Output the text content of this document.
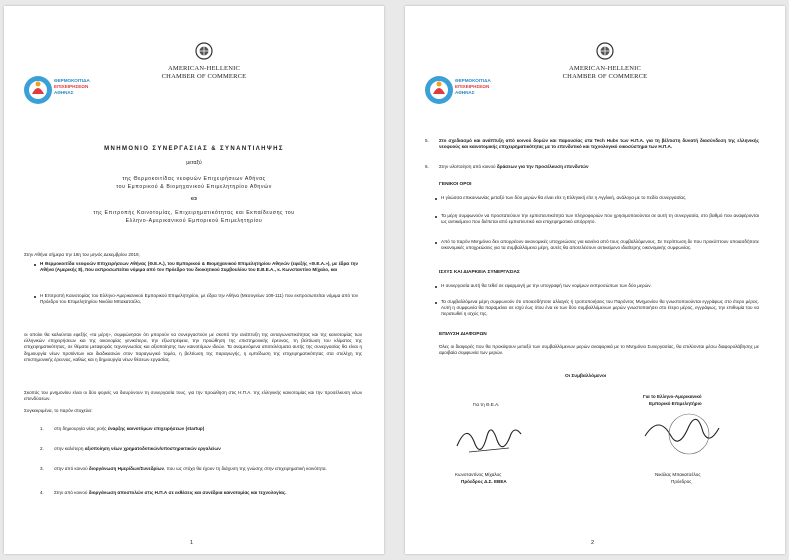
ΘΕΡΜΟΚΟΙΤΙΔΑ
ΕΠΙΧΕΙΡΗΣΕΩΝ
ΑΘΗΝΑΣ
AMERICAN-HELLENIC
CHAMBER OF COMMERCE
ΜΝΗΜΟΝΙΟ ΣΥΝΕΡΓΑΣΙΑΣ & ΣΥΝΑΝΤΙΛΗΨΗΣ
μεταξύ
της Θερμοκοιτίδας νεοφυών Επιχειρήσεων Αθήνας
του Εμπορικού & Βιομηχανικού Επιμελητηρίου Αθηνών
και
της Επιτροπής Καινοτομίας, Επιχειρηματικότητας και Εκπαίδευσης του
Ελληνο-Αμερικανικού Εμπορικού Επιμελητηρίου
Στην Αθήνα σήμερα την 18η του μηνός Δεκεμβρίου 2019,
Η Θερμοκοιτίδα νεοφυών Επιχειρήσεων Αθήνας (Θ.Ε.Α.), του Εμπορικού & Βιομηχανικού Επιμελητηρίου Αθηνών (εφεξής «Θ.Ε.Α.»), με έδρα την Αθήνα (Αμερικής 8), που εκπροσωπείται νόμιμα από τον Πρόεδρο του διοικητικού Συμβουλίου του Ε.Β.Ε.Α., κ. Κωνσταντίνο Μίχαλο, και
Η Επιτροπή Καινοτομίας του Ελληνο-Αμερικανικού Εμπορικού Επιμελητηρίου, με έδρα την Αθήνα (Μεσογείων 109-111) που εκπροσωπείται νόμιμα από τον Πρόεδρο του Επιμελητηρίου Νικόλα Μπακατσέλο,
οι οποίοι θα καλούνται εφεξής «τα μέρη», συμφώνησαν ότι μπορούν να συνεργαστούν με σκοπό την ανάπτυξη της ανταγωνιστικότητας και της καινοτομίας των ελληνικών επιχειρήσεων και της οικονομίας γενικότερα, την εξωστρέφεια, την προώθηση της επιστημονικής έρευνας, τη βελτίωση του κλίματος της επιχειρηματικότητας, σε θέματα μεταφοράς τεχνογνωσίας και αξιοποίησης των καινοτόμων ιδεών. Τα αναμενόμενα αποτελέσματα αυτής της συνεργασίας θα είναι η δημιουργία νέων προϊόντων και διαδικασιών στον παραγωγικό τομέα, η βελτίωση της παραγωγής, η εμπέδωση της επιχειρηματικότητας στα στελέχη της επιστημονικής έρευνας, καθώς και η δημιουργία νέων θέσεων εργασίας.
Σκοπός του μνημονίου είναι οι δύο φορείς να διευρύνουν τη συνεργασία τους, για την προώθηση στις Η.Π.Α. της ελληνικής καινοτομίας και την προσέλκυση νέων επενδύσεων.
Συγκεκριμένα, το παρόν στοχεύει:
1. στη δημιουργία νέας ροής έναρξης καινοτόμων επιχειρήσεων (startup)
2. στην καλύτερη αξιοποίηση νέων χρηματοδοτικών/υποστηρικτικών εργαλείων
3. στην από κοινού διοργάνωση Ημερίδων/Συνεδρίων, που ως στόχο θα έχουν τη διάχυση της γνώσης στην επιχειρηματική κοινότητα.
4. Στην από κοινού διοργάνωση αποστολών στις Η.Π.Α σε εκθέσεις και συνέδρια καινοτομίας και τεχνολογίας.
1
ΘΕΡΜΟΚΟΙΤΙΔΑ
ΕΠΙΧΕΙΡΗΣΕΩΝ
ΑΘΗΝΑΣ
AMERICAN-HELLENIC
CHAMBER OF COMMERCE
5. Στο σχεδιασμό και ανάπτυξη από κοινού δομών και παρουσίας στα Tech Hubs των Η.Π.Α. για τη βέλτιστη δυνατή διασύνδεση της ελληνικής νεοφυούς και καινοτομικής επιχειρηματικότητας με το επενδυτικό και τεχνολογικό οικοσύστημα των Η.Π.Α.
6. Στην υλοποίηση από κοινού δράσεων για την προσέλκυση επενδυτών
ΓΕΝΙΚΟΙ ΟΡΟΙ
Η γλώσσα επικοινωνίας μεταξύ των δύο μερών θα είναι είτε η Ελληνική είτε η Αγγλική, ανάλογα με το πεδίο συνεργασίας.
Τα μέρη συμφωνούν να προστατεύουν την εμπιστευτικότητα των πληροφοριών που χρησιμοποιούνται σε αυτή τη συνεργασία, στο βαθμό που αναφέρονται ως αντικείμενο που διέπεται από εμπιστευτικό και επιχειρηματικό απόρρητο.
Από το παρόν Μνημόνιο δεν απορρέουν οικονομικές υποχρεώσεις για κανένα από τους συμβαλλόμενους. Σε περίπτωση δε που προκύπτουν οποιασδήποτε οικονομικές υποχρεώσεις για τα συμβαλλόμενα μέρη, αυτές θα αποτελέσουν αντικείμενο ιδιαίτερης οικονομικής συμφωνίας.
ΙΣΧΥΣ ΚΑΙ ΔΙΑΡΚΕΙΑ ΣΥΝΕΡΓΑΣΙΑΣ
Η συνεργασία αυτή θα τεθεί σε εφαρμογή με την υπογραφή των νομίμων εκπροσώπων των δύο μερών.
Τα συμβαλλόμενα μέρη συμφωνούν ότι οποιεσδήποτε αλλαγές ή τροποποιήσεις του Παρόντος Μνημονίου θα γνωστοποιούνται εγγράφως στο έτερο μέρος. Αυτή η συμφωνία θα παραμείνει σε ισχύ έως ότου ένα εκ των δύο συμβαλλόμενων μερών γνωστοποιήσει στο έτερο μέρος, εγγράφως, την επιθυμία του να περατωθεί η ισχύς της.
ΕΠΙΛΥΣΗ ΔΙΑΦΟΡΩΝ
Όλες οι διαφορές που θα προκύψουν μεταξύ των συμβαλλόμενων μερών αναφορικά με το Μνημόνιο Συνεργασίας, θα επιλύονται μέσω διαφορολάβησης με αμοιβαία συμφωνία των μερών.
Οι Συμβαλλόμενοι
Για τη Θ.Ε.Α.
Για το Ελληνο-Αμερικανικό
Εμπορικό Επιμελητήριο
Κωνσταντίνος Μίχαλος
Πρόεδρος Δ.Σ. ΕΒΕΑ
Νικόλας Μπακατσέλος
Πρόεδρος
2
